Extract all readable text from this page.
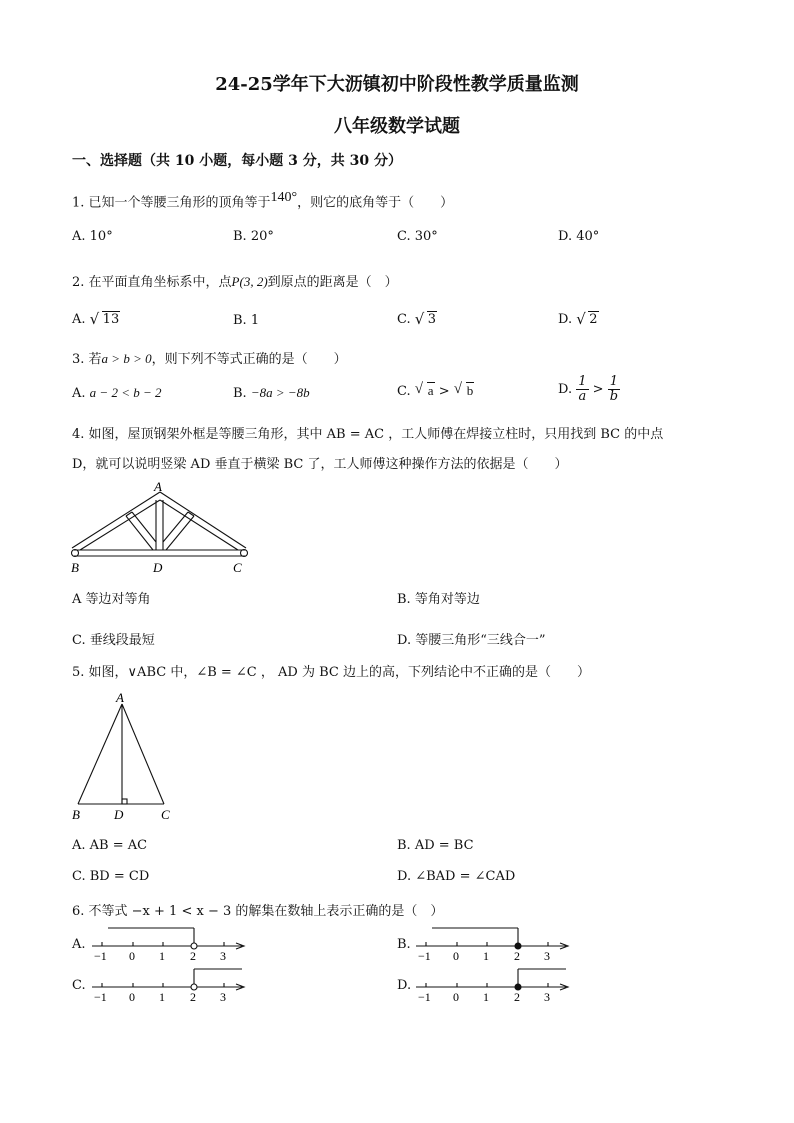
24-25学年下大沥镇初中阶段性教学质量监测
八年级数学试题
一、选择题（共 10 小题，每小题 3 分，共 30 分）
1. 已知一个等腰三角形的顶角等于$^{140^\circ}$，则它的底角等于（　　）
A. 10°	B. 20°	C. 30°	D. 40°
2. 在平面直角坐标系中，点P(3, 2)到原点的距离是（　）
A. √ 13	B. 1	C. √ 3	D. √ 2
3. 若a > b > 0，则下列不等式正确的是（　　）
A. a − 2 < b − 2	B. −8a > −8b	C. √ a > √ b	D. $\frac{1}{a} > \frac{1}{b}$
4. 如图，屋顶钢架外框是等腰三角形，其中 AB = AC ，工人师傅在焊接立柱时，只用找到 BC 的中点
D，就可以说明竖梁 AD 垂直于横梁 BC 了，工人师傅这种操作方法的依据是（　　）
A
B	D	C
A 等边对等角	B. 等角对等边
C. 垂线段最短	D. 等腰三角形“三线合一”
5. 如图，∨ABC 中，∠B = ∠C ， AD 为 BC 边上的高，下列结论中不正确的是（　　）
A
B	D	C
A. AB = AC	B. AD = BC
C. BD = CD	D. ∠BAD = ∠CAD
6. 不等式 −x + 1 < x − 3 的解集在数轴上表示正确的是（　）
A.
−1 0 1 2 3
B.
−1 0 1 2 3
C.
−1 0 1 2 3
D.
−1 0 1 2 3
